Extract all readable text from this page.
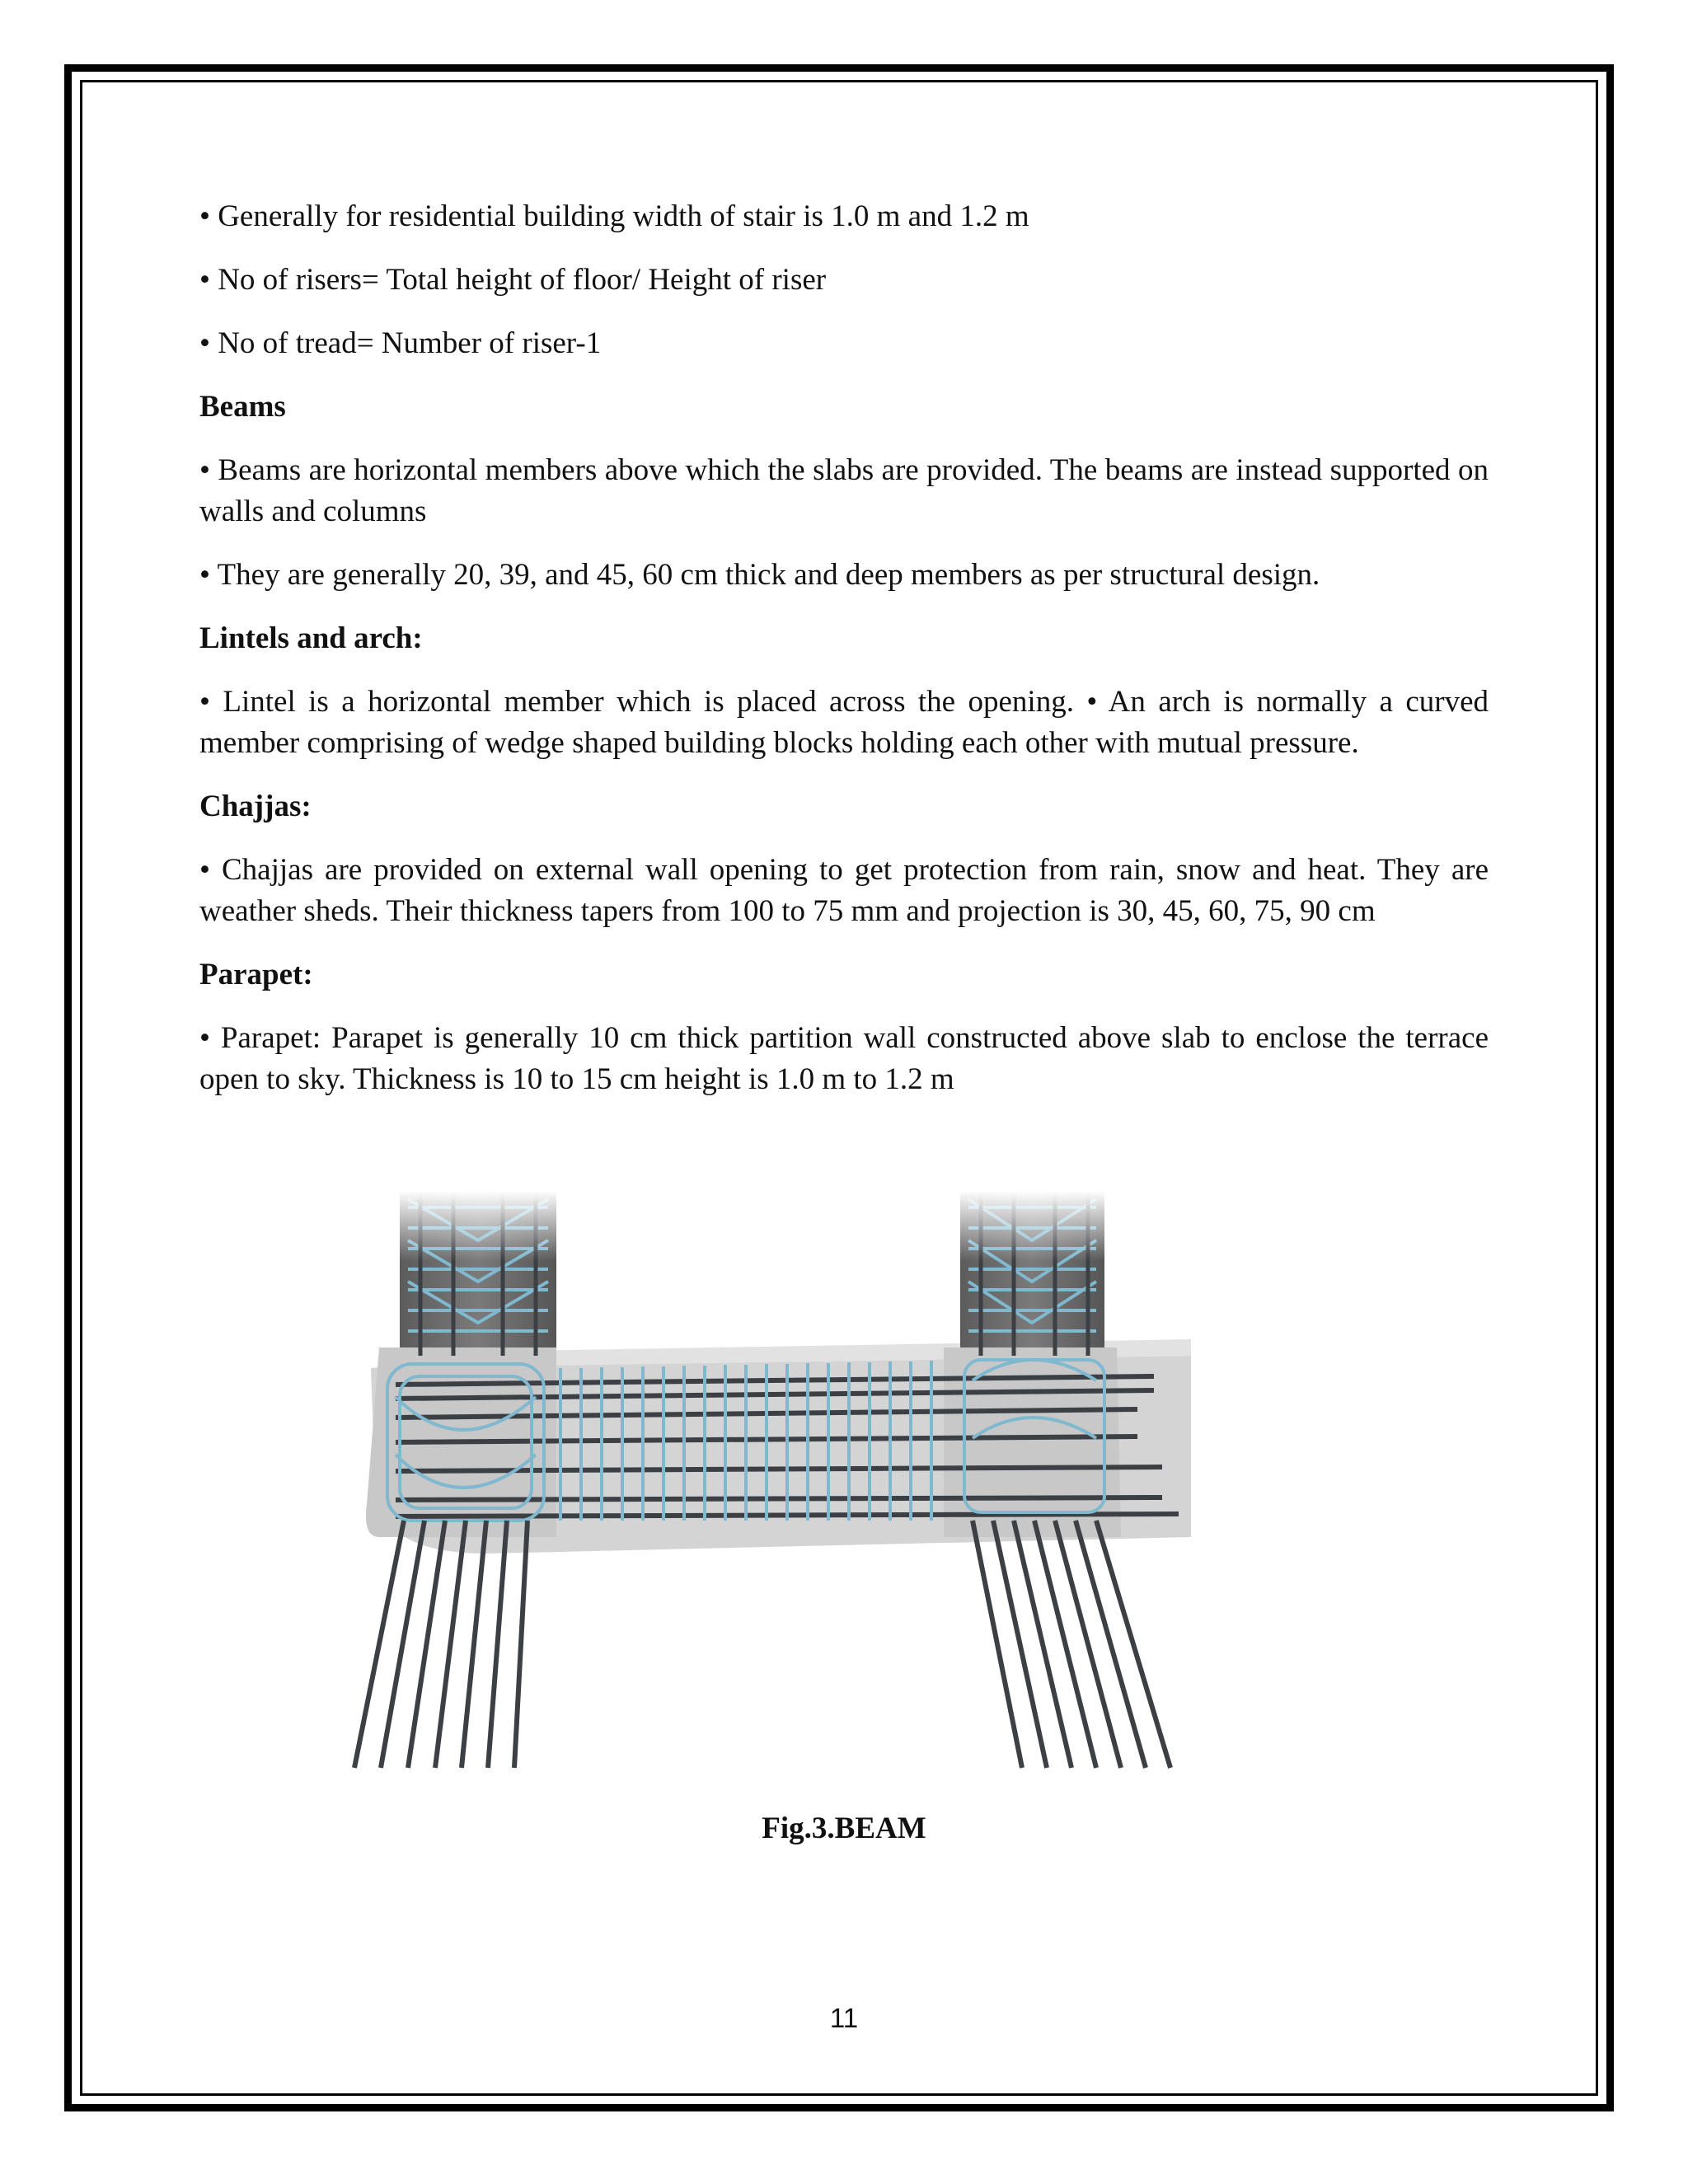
• Generally for residential building width of stair is 1.0 m and 1.2 m

• No of risers= Total height of floor/ Height of riser

• No of tread= Number of riser-1

Beams

• Beams are horizontal members above which the slabs are provided. The beams are instead supported on walls and columns

• They are generally 20, 39, and 45, 60 cm thick and deep members as per structural design.

Lintels and arch:

• Lintel is a horizontal member which is placed across the opening. • An arch is normally a curved member comprising of wedge shaped building blocks holding each other with mutual pressure.

Chajjas:

• Chajjas are provided on external wall opening to get protection from rain, snow and heat. They are weather sheds. Their thickness tapers from 100 to 75 mm and projection is 30, 45, 60, 75, 90 cm

Parapet:

• Parapet: Parapet is generally 10 cm thick partition wall constructed above slab to enclose the terrace open to sky. Thickness is 10 to 15 cm height is 1.0 m to 1.2 m

Fig.3.BEAM
11
